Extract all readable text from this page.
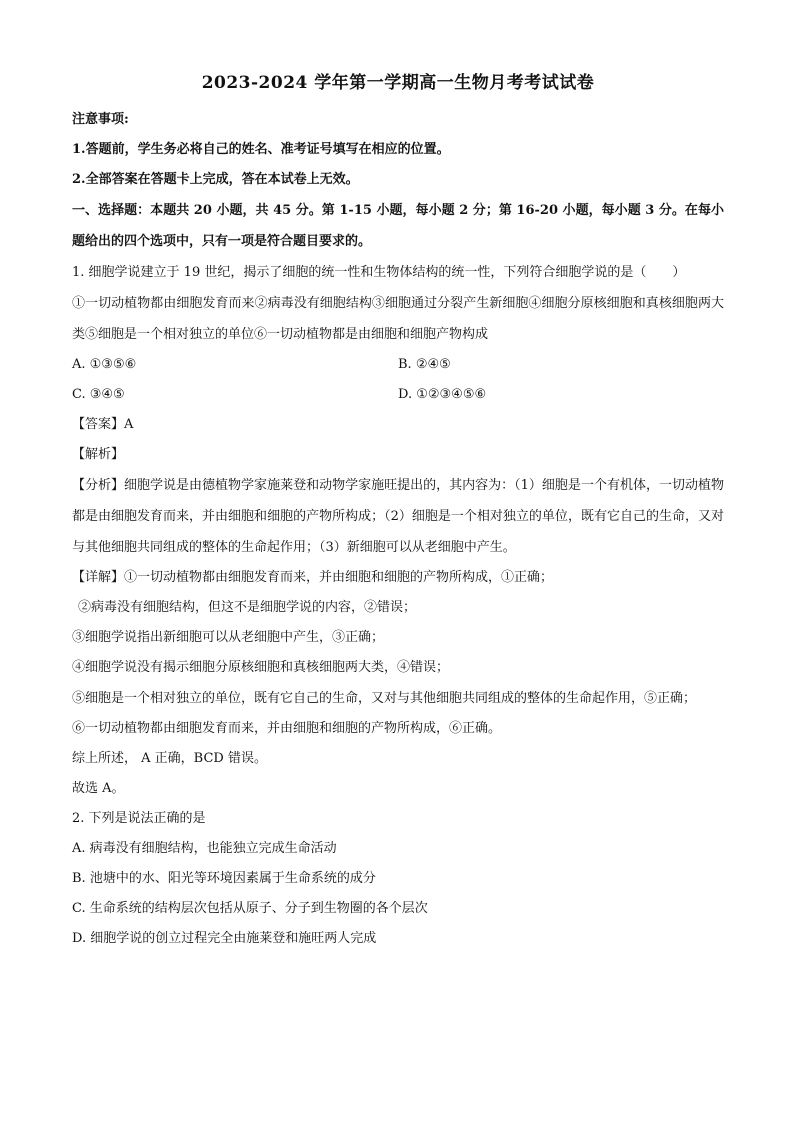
2023-2024 学年第一学期高一生物月考考试试卷
注意事项:
1.答题前，学生务必将自己的姓名、准考证号填写在相应的位置。
2.全部答案在答题卡上完成，答在本试卷上无效。
一、选择题：本题共 20 小题，共 45 分。第 1-15 小题，每小题 2 分；第 16-20 小题，每小题 3 分。在每小题给出的四个选项中，只有一项是符合题目要求的。
1. 细胞学说建立于 19 世纪，揭示了细胞的统一性和生物体结构的统一性，下列符合细胞学说的是（　　）
①一切动植物都由细胞发育而来②病毒没有细胞结构③细胞通过分裂产生新细胞④细胞分原核细胞和真核细胞两大类⑤细胞是一个相对独立的单位⑥一切动植物都是由细胞和细胞产物构成
A. ①③⑤⑥	B. ②④⑤
C. ③④⑤	D. ①②③④⑤⑥
【答案】A
【解析】
【分析】细胞学说是由德植物学家施莱登和动物学家施旺提出的，其内容为：（1）细胞是一个有机体，一切动植物都是由细胞发育而来，并由细胞和细胞的产物所构成；（2）细胞是一个相对独立的单位，既有它自己的生命，又对与其他细胞共同组成的整体的生命起作用；（3）新细胞可以从老细胞中产生。
【详解】①一切动植物都由细胞发育而来，并由细胞和细胞的产物所构成，①正确；
②病毒没有细胞结构，但这不是细胞学说的内容，②错误；
③细胞学说指出新细胞可以从老细胞中产生，③正确；
④细胞学说没有揭示细胞分原核细胞和真核细胞两大类，④错误；
⑤细胞是一个相对独立的单位，既有它自己的生命，又对与其他细胞共同组成的整体的生命起作用，⑤正确；
⑥一切动植物都由细胞发育而来，并由细胞和细胞的产物所构成，⑥正确。
综上所述， A 正确，BCD 错误。
故选 A。
2. 下列是说法正确的是
A. 病毒没有细胞结构，也能独立完成生命活动
B. 池塘中的水、阳光等环境因素属于生命系统的成分
C. 生命系统的结构层次包括从原子、分子到生物圈的各个层次
D. 细胞学说的创立过程完全由施莱登和施旺两人完成
